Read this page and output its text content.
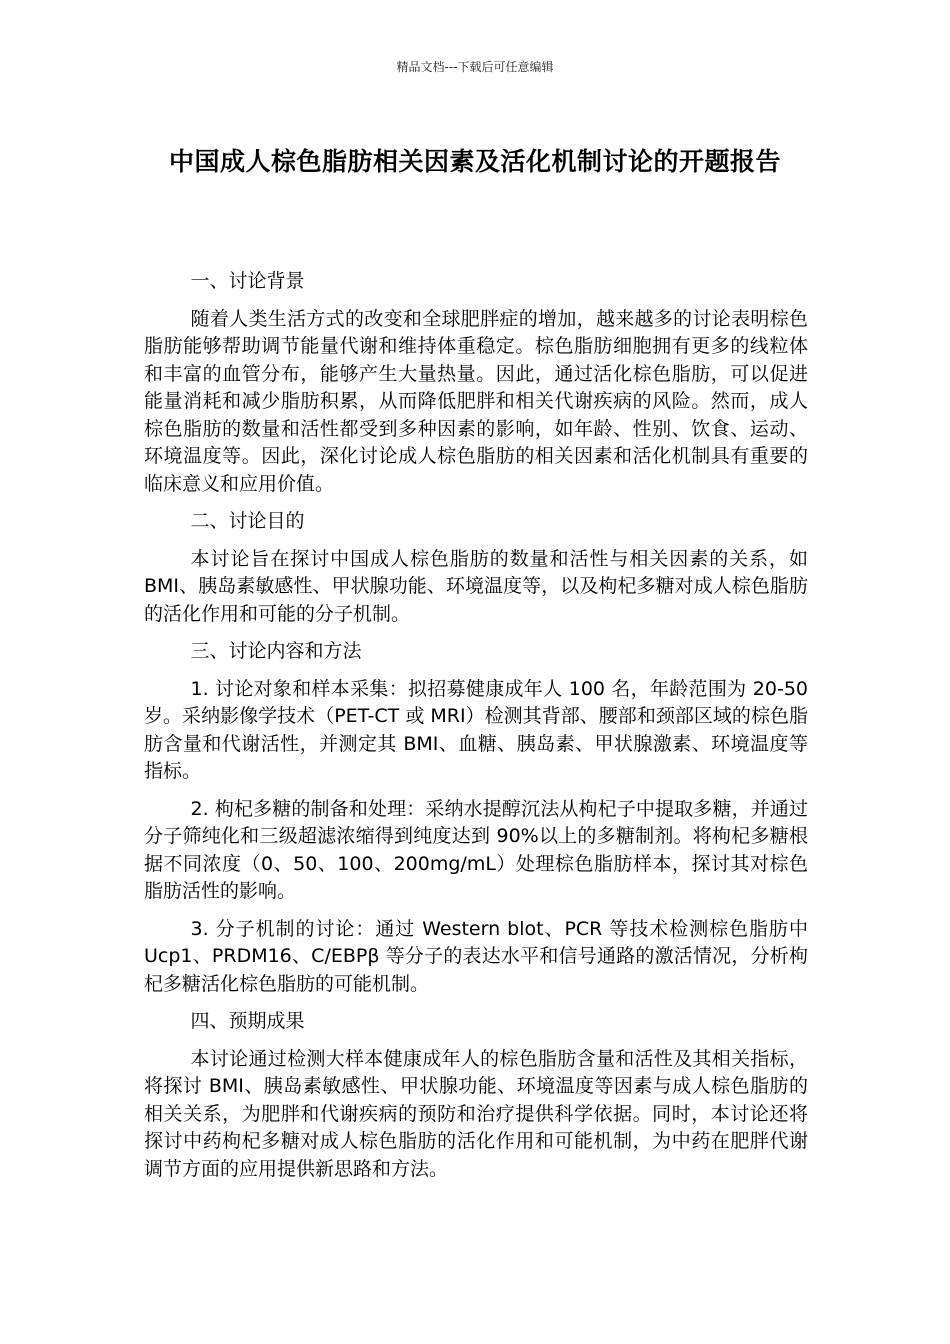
精品文档---下载后可任意编辑
中国成人棕色脂肪相关因素及活化机制讨论的开题报告
一、讨论背景
随着人类生活方式的改变和全球肥胖症的增加，越来越多的讨论表明棕色脂肪能够帮助调节能量代谢和维持体重稳定。棕色脂肪细胞拥有更多的线粒体和丰富的血管分布，能够产生大量热量。因此，通过活化棕色脂肪，可以促进能量消耗和减少脂肪积累，从而降低肥胖和相关代谢疾病的风险。然而，成人棕色脂肪的数量和活性都受到多种因素的影响，如年龄、性别、饮食、运动、环境温度等。因此，深化讨论成人棕色脂肪的相关因素和活化机制具有重要的临床意义和应用价值。
二、讨论目的
本讨论旨在探讨中国成人棕色脂肪的数量和活性与相关因素的关系，如 BMI、胰岛素敏感性、甲状腺功能、环境温度等，以及枸杞多糖对成人棕色脂肪的活化作用和可能的分子机制。
三、讨论内容和方法
1. 讨论对象和样本采集：拟招募健康成年人 100 名，年龄范围为 20-50 岁。采纳影像学技术（PET-CT 或 MRI）检测其背部、腰部和颈部区域的棕色脂肪含量和代谢活性，并测定其 BMI、血糖、胰岛素、甲状腺激素、环境温度等指标。
2. 枸杞多糖的制备和处理：采纳水提醇沉法从枸杞子中提取多糖，并通过分子筛纯化和三级超滤浓缩得到纯度达到 90%以上的多糖制剂。将枸杞多糖根据不同浓度（0、50、100、200mg/mL）处理棕色脂肪样本，探讨其对棕色脂肪活性的影响。
3. 分子机制的讨论：通过 Western blot、PCR 等技术检测棕色脂肪中 Ucp1、PRDM16、C/EBPβ 等分子的表达水平和信号通路的激活情况，分析枸杞多糖活化棕色脂肪的可能机制。
四、预期成果
本讨论通过检测大样本健康成年人的棕色脂肪含量和活性及其相关指标，将探讨 BMI、胰岛素敏感性、甲状腺功能、环境温度等因素与成人棕色脂肪的相关关系，为肥胖和代谢疾病的预防和治疗提供科学依据。同时，本讨论还将探讨中药枸杞多糖对成人棕色脂肪的活化作用和可能机制，为中药在肥胖代谢调节方面的应用提供新思路和方法。
